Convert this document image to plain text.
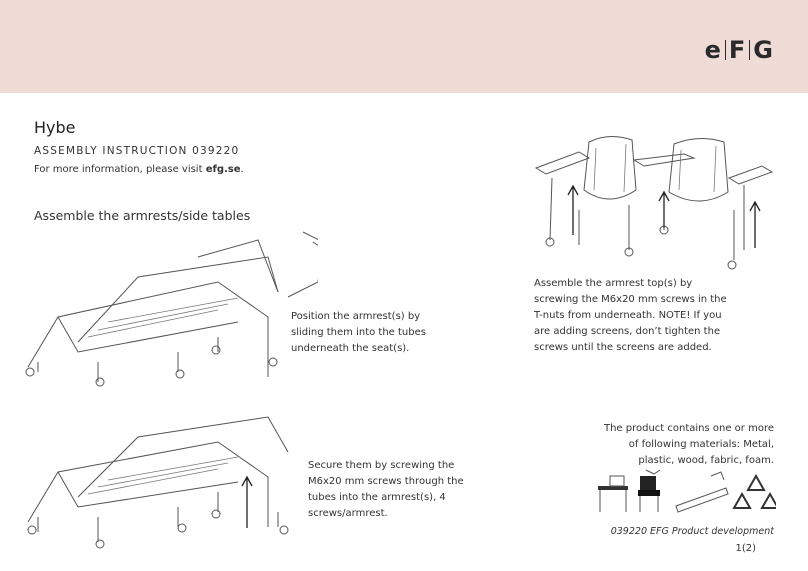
e F G
Hybe
ASSEMBLY INSTRUCTION 039220
For more information, please visit efg.se.
Assemble the armrests/side tables
Position the armrest(s) by sliding them into the tubes underneath the seat(s).
Secure them by screwing the M6x20 mm screws through the tubes into the armrest(s), 4 screws/armrest.
Assemble the armrest top(s) by screwing the M6x20 mm screws in the T-nuts from underneath. NOTE! If you are adding screens, don’t tighten the screws until the screens are added.
The product contains one or more of following materials: Metal, plastic, wood, fabric, foam.
039220 EFG Product development
1(2)
